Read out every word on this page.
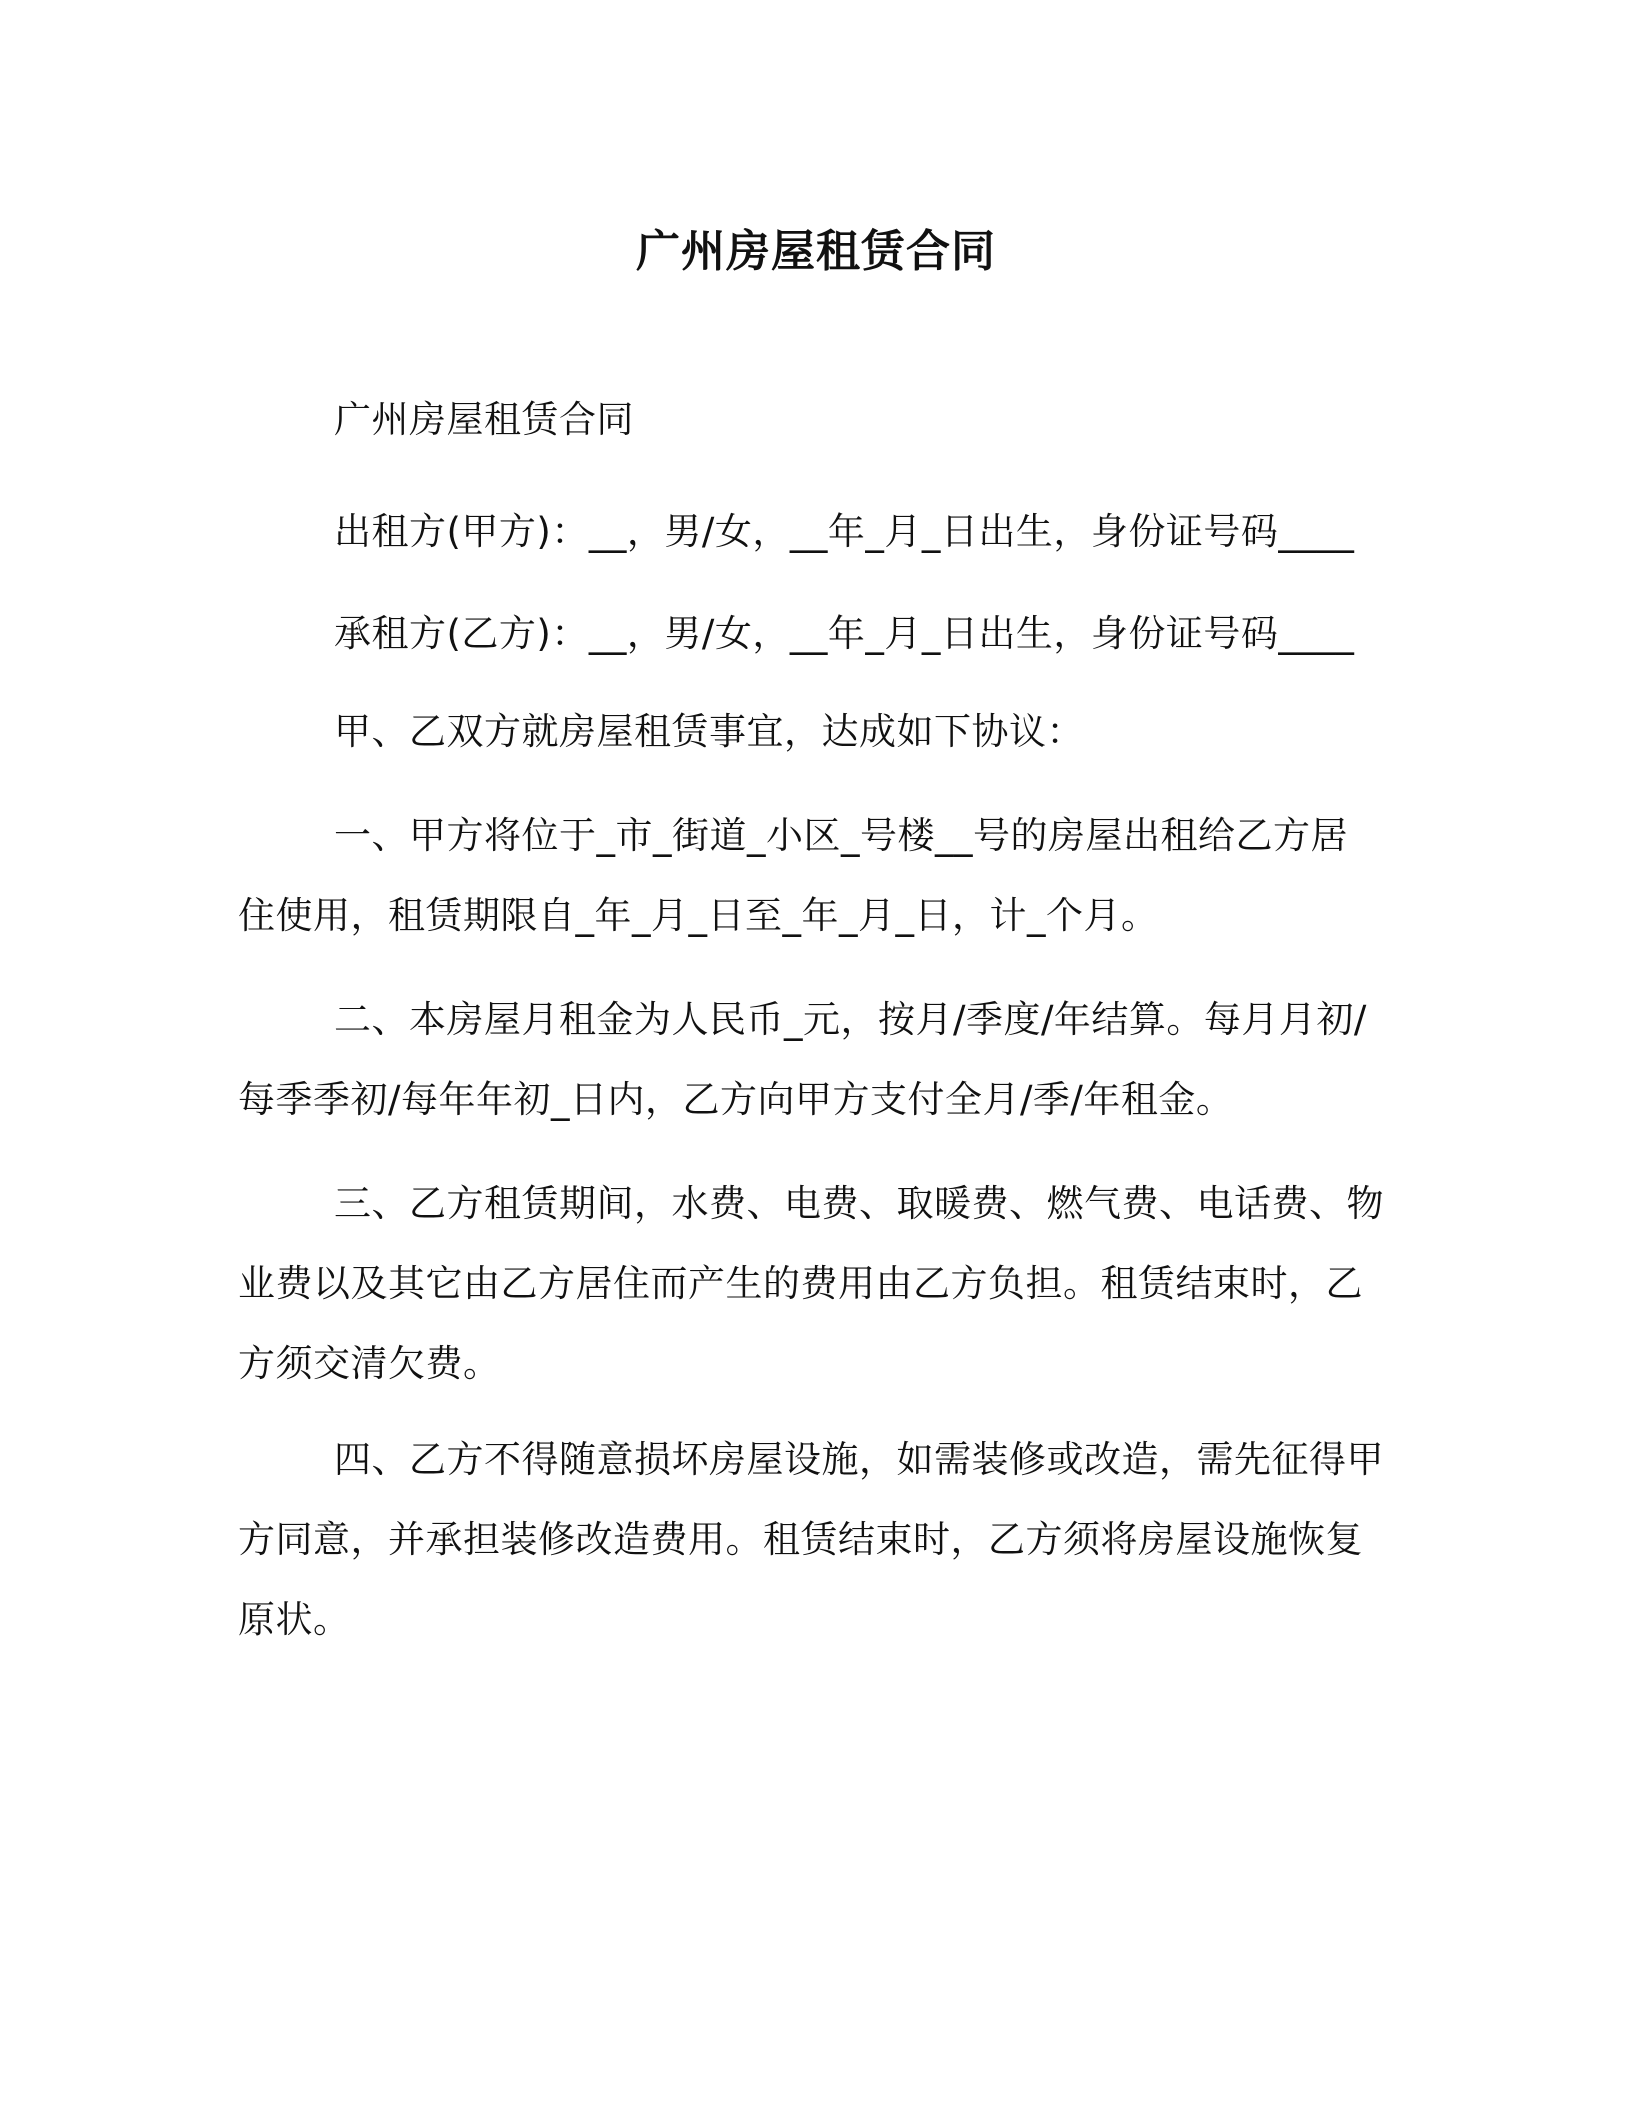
广州房屋租赁合同

广州房屋租赁合同

出租方(甲方)：__，男/女，__年_月_日出生，身份证号码____

承租方(乙方)：__，男/女，__年_月_日出生，身份证号码____

甲、乙双方就房屋租赁事宜，达成如下协议：

一、甲方将位于_市_街道_小区_号楼__号的房屋出租给乙方居
住使用，租赁期限自_年_月_日至_年_月_日，计_个月。

二、本房屋月租金为人民币_元，按月/季度/年结算。每月月初/
每季季初/每年年初_日内，乙方向甲方支付全月/季/年租金。

三、乙方租赁期间，水费、电费、取暖费、燃气费、电话费、物
业费以及其它由乙方居住而产生的费用由乙方负担。租赁结束时，乙
方须交清欠费。

四、乙方不得随意损坏房屋设施，如需装修或改造，需先征得甲
方同意，并承担装修改造费用。租赁结束时，乙方须将房屋设施恢复
原状。
